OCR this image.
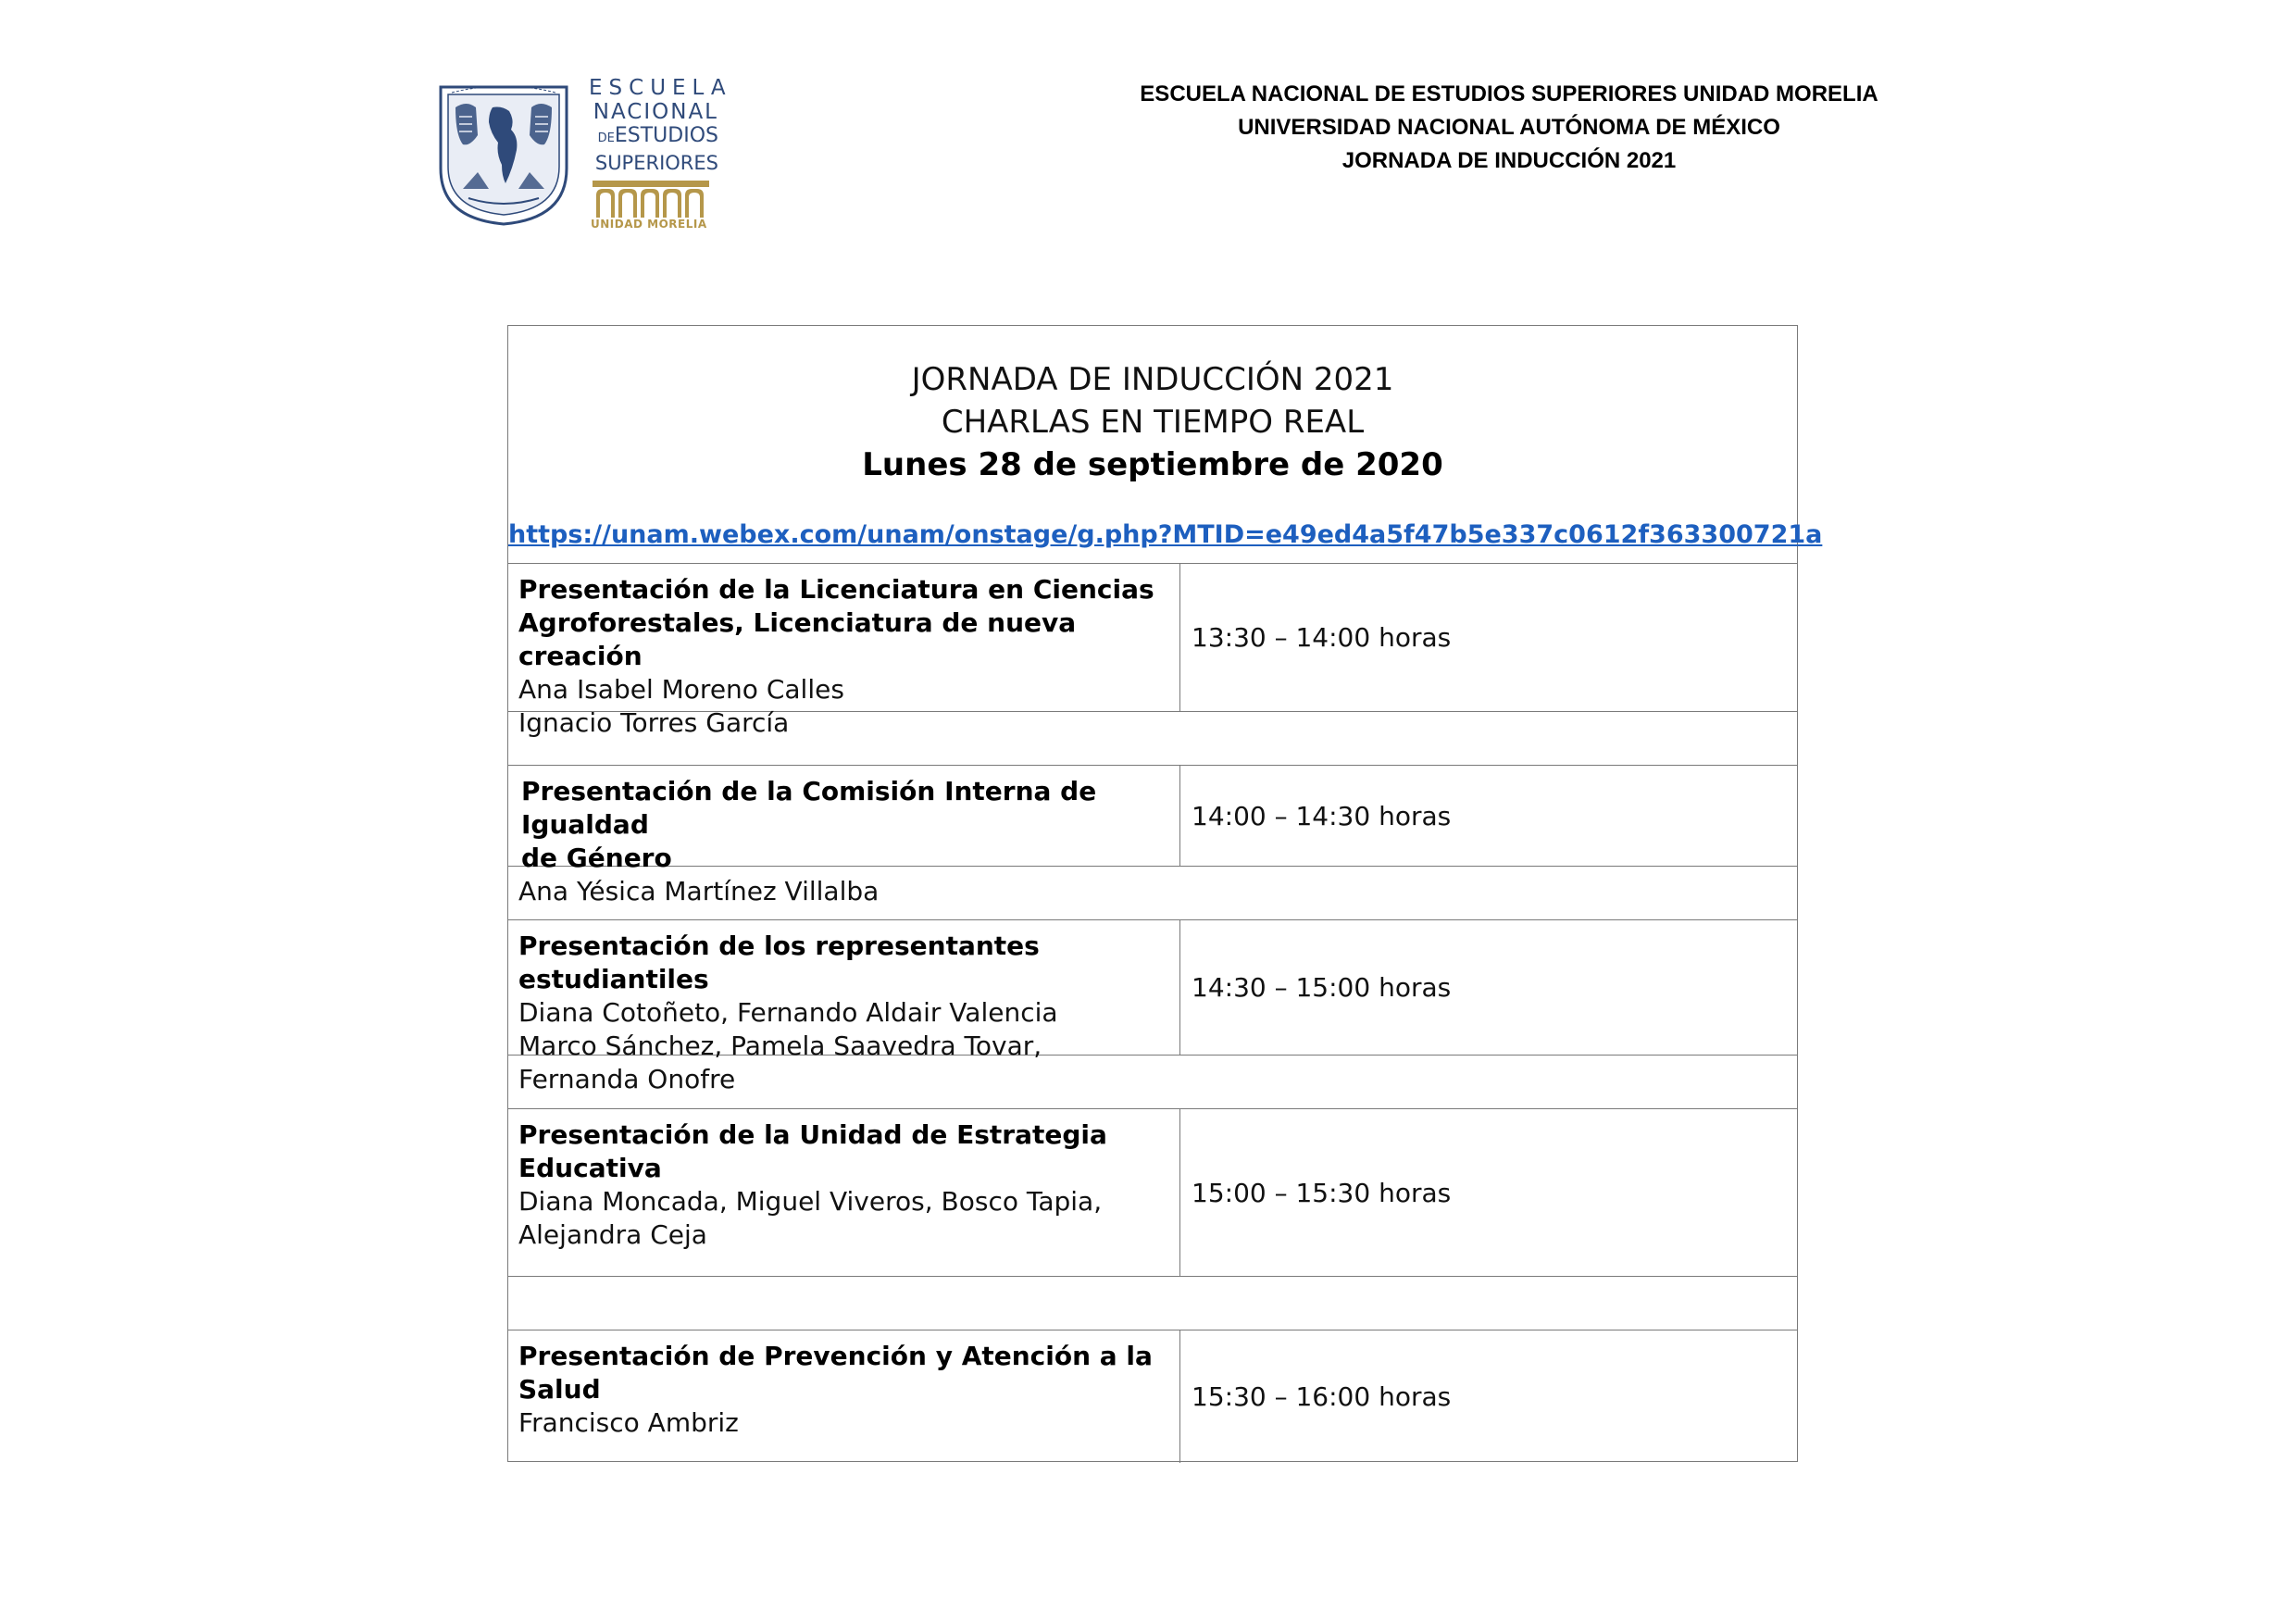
ESCUELA
NACIONAL
DEESTUDIOS
SUPERIORES
UNIDAD MORELIA
ESCUELA NACIONAL DE ESTUDIOS SUPERIORES UNIDAD MORELIA
UNIVERSIDAD NACIONAL AUTÓNOMA DE MÉXICO
JORNADA DE INDUCCIÓN 2021
JORNADA DE INDUCCIÓN 2021
CHARLAS EN TIEMPO REAL
Lunes 28 de septiembre de 2020
https://unam.webex.com/unam/onstage/g.php?MTID=e49ed4a5f47b5e337c0612f363300721a
Presentación de la Licenciatura en Ciencias
Agroforestales, Licenciatura de nueva creación
Ana Isabel Moreno Calles
Ignacio Torres García
13:30 – 14:00 horas
Presentación de la Comisión Interna de Igualdad
de Género
Ana Yésica Martínez Villalba
14:00 – 14:30 horas
Presentación de los representantes estudiantiles
Diana Cotoñeto, Fernando Aldair Valencia
Marco Sánchez, Pamela Saavedra Tovar,
Fernanda Onofre
14:30 – 15:00 horas
Presentación de la Unidad de Estrategia
Educativa
Diana Moncada, Miguel Viveros, Bosco Tapia,
Alejandra Ceja
15:00 – 15:30 horas
Presentación de Prevención y Atención a la
Salud
Francisco Ambriz
15:30 – 16:00 horas
